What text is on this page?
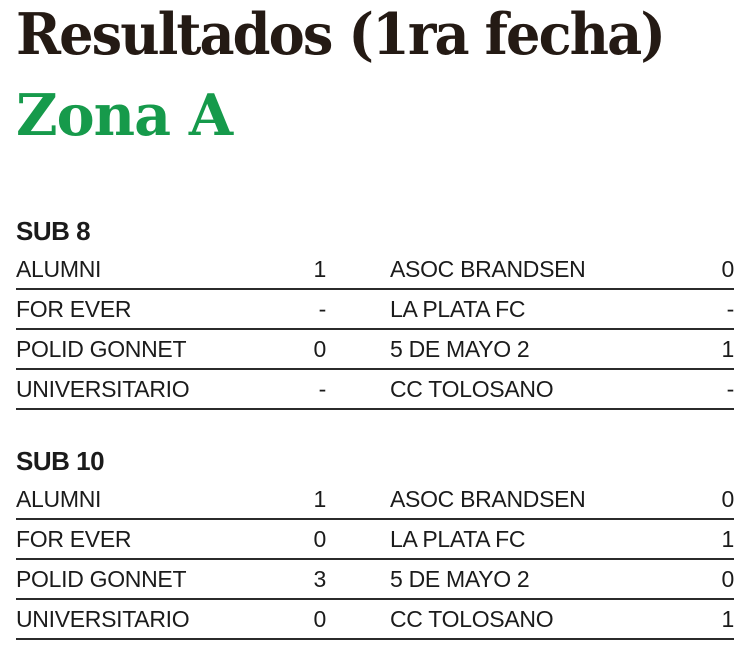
Resultados (1ra fecha)
Zona A
SUB 8
ALUMNI	1	ASOC BRANDSEN	0
FOR EVER	-	LA PLATA FC	-
POLID GONNET	0	5 DE MAYO 2	1
UNIVERSITARIO	-	CC TOLOSANO	-
SUB 10
ALUMNI	1	ASOC BRANDSEN	0
FOR EVER	0	LA PLATA FC	1
POLID GONNET	3	5 DE MAYO 2	0
UNIVERSITARIO	0	CC TOLOSANO	1
